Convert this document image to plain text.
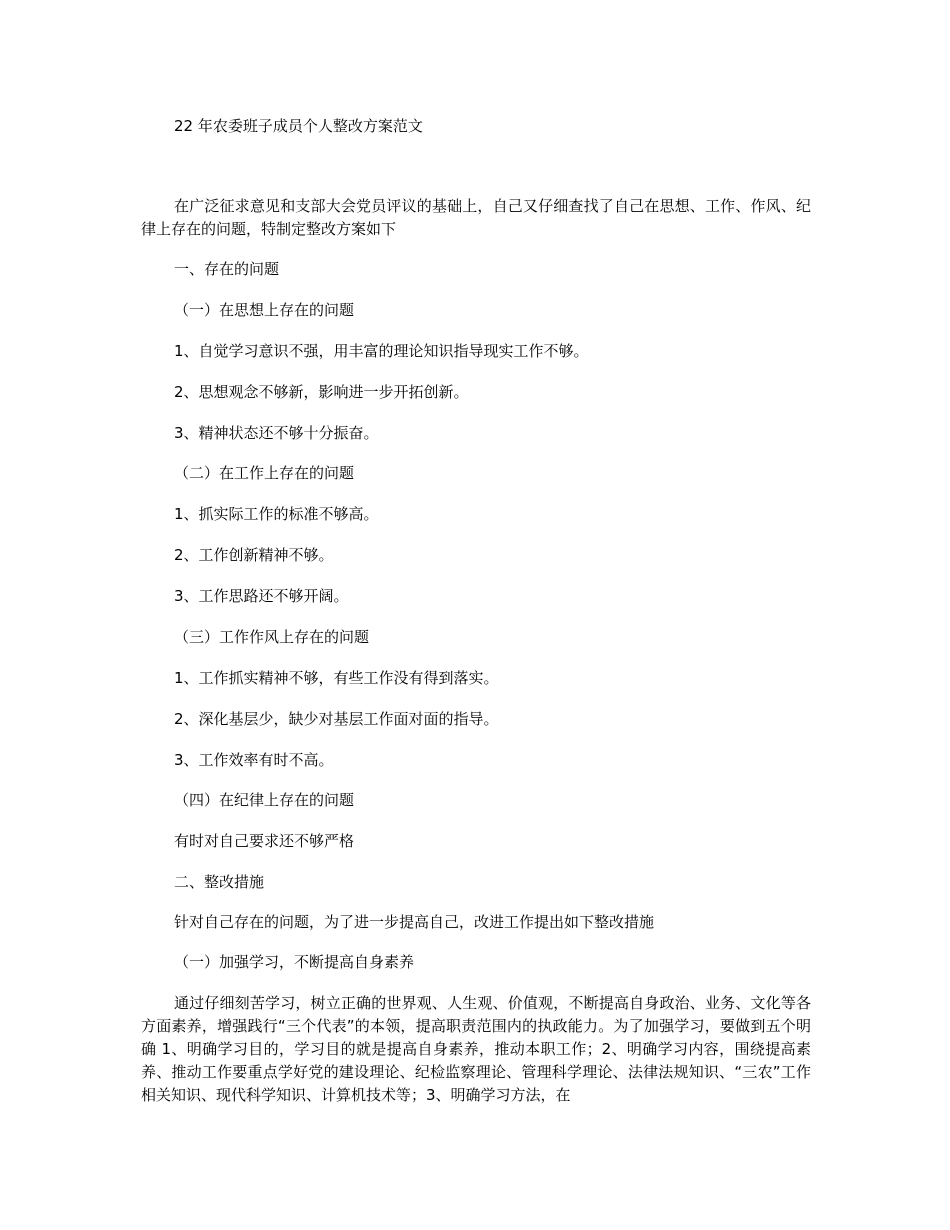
22 年农委班子成员个人整改方案范文

在广泛征求意见和支部大会党员评议的基础上，自己又仔细查找了自己在思想、工作、作风、纪律上存在的问题，特制定整改方案如下

一、存在的问题
（一）在思想上存在的问题
1、自觉学习意识不强，用丰富的理论知识指导现实工作不够。
2、思想观念不够新，影响进一步开拓创新。
3、精神状态还不够十分振奋。
（二）在工作上存在的问题
1、抓实际工作的标准不够高。
2、工作创新精神不够。
3、工作思路还不够开阔。
（三）工作作风上存在的问题
1、工作抓实精神不够，有些工作没有得到落实。
2、深化基层少，缺少对基层工作面对面的指导。
3、工作效率有时不高。
（四）在纪律上存在的问题
有时对自己要求还不够严格
二、整改措施
针对自己存在的问题，为了进一步提高自己，改进工作提出如下整改措施
（一）加强学习，不断提高自身素养

通过仔细刻苦学习，树立正确的世界观、人生观、价值观，不断提高自身政治、业务、文化等各方面素养，增强践行“三个代表”的本领，提高职责范围内的执政能力。为了加强学习，要做到五个明确 1、明确学习目的，学习目的就是提高自身素养，推动本职工作；2、明确学习内容，围绕提高素养、推动工作要重点学好党的建设理论、纪检监察理论、管理科学理论、法律法规知识、“三农”工作相关知识、现代科学知识、计算机技术等；3、明确学习方法，在
